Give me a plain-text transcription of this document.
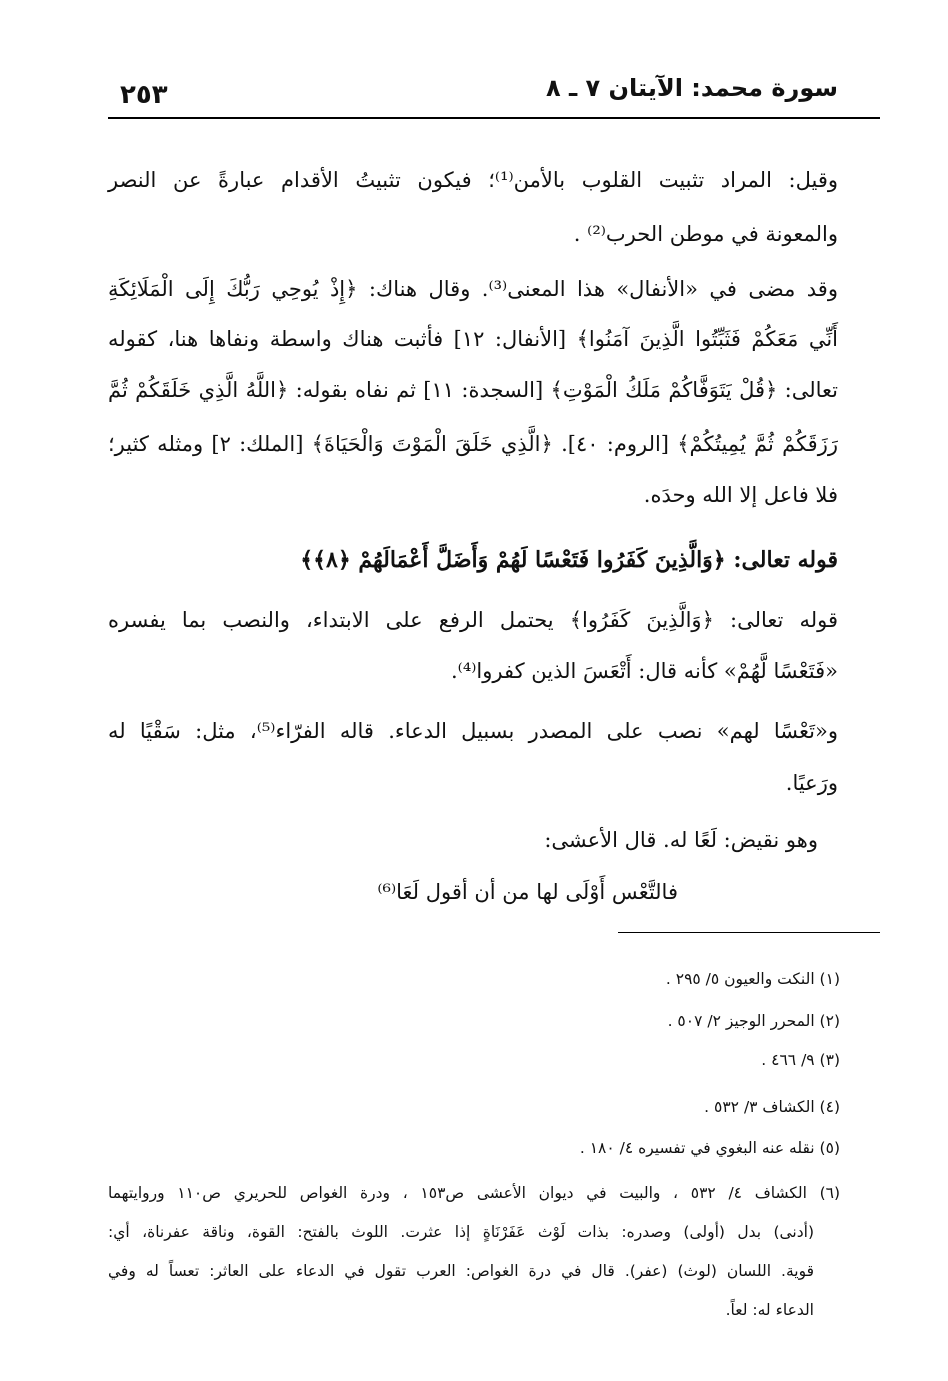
سورة محمد: الآيتان ٧ ـ ٨
٢٥٣
وقيل: المراد تثبيت القلوب بالأمن⁽¹⁾؛ فيكون تثبيتُ الأقدام عبارةً عن النصر
والمعونة في موطن الحرب⁽²⁾ .
وقد مضى في «الأنفال» هذا المعنى⁽³⁾. وقال هناك: ﴿إِذْ يُوحِي رَبُّكَ إِلَى الْمَلَائِكَةِ
أَنِّي مَعَكُمْ فَثَبِّتُوا الَّذِينَ آمَنُوا﴾ [الأنفال: ١٢] فأثبت هناك واسطة ونفاها هنا، كقوله
تعالى: ﴿قُلْ يَتَوَفَّاكُمْ مَلَكُ الْمَوْتِ﴾ [السجدة: ١١] ثم نفاه بقوله: ﴿اللَّهُ الَّذِي خَلَقَكُمْ ثُمَّ
رَزَقَكُمْ ثُمَّ يُمِيتُكُمْ﴾ [الروم: ٤٠]. ﴿الَّذِي خَلَقَ الْمَوْتَ وَالْحَيَاةَ﴾ [الملك: ٢] ومثله كثير؛
فلا فاعل إلا الله وحدَه.
قوله تعالى: ﴿وَالَّذِينَ كَفَرُوا فَتَعْسًا لَهُمْ وَأَضَلَّ أَعْمَالَهُمْ ﴿٨﴾﴾
قوله تعالى: ﴿وَالَّذِينَ كَفَرُوا﴾ يحتمل الرفع على الابتداء، والنصب بما يفسره
«فَتَعْسًا لَّهُمْ» كأنه قال: أَتْعَسَ الذين كفروا⁽⁴⁾.
و«تَعْسًا لهم» نصب على المصدر بسبيل الدعاء. قاله الفرّاء⁽⁵⁾، مثل: سَقْيًا له
ورَعيًا.
وهو نقيض: لَعًا له. قال الأعشى:
فالتَّعْس أَوْلَى لها من أن أقول لَعَا⁽⁶⁾
(١) النكت والعيون ٥/ ٢٩٥ .
(٢) المحرر الوجيز ٢/ ٥٠٧ .
(٣) ٩/ ٤٦٦ .
(٤) الكشاف ٣/ ٥٣٢ .
(٥) نقله عنه البغوي في تفسيره ٤/ ١٨٠ .
(٦) الكشاف ٤/ ٥٣٢ ، والبيت في ديوان الأعشى ص١٥٣ ، ودرة الغواص للحريري ص١١٠ وروايتهما
(أدنى) بدل (أولى) وصدره: بذات لَوْث عَفَرْنَاةٍ إذا عثرت. اللوث بالفتح: القوة، وناقة عفرناة، أي:
قوية. اللسان (لوث) (عفر). قال في درة الغواص: العرب تقول في الدعاء على العاثر: تعساً له وفي
الدعاء له: لعاً.
